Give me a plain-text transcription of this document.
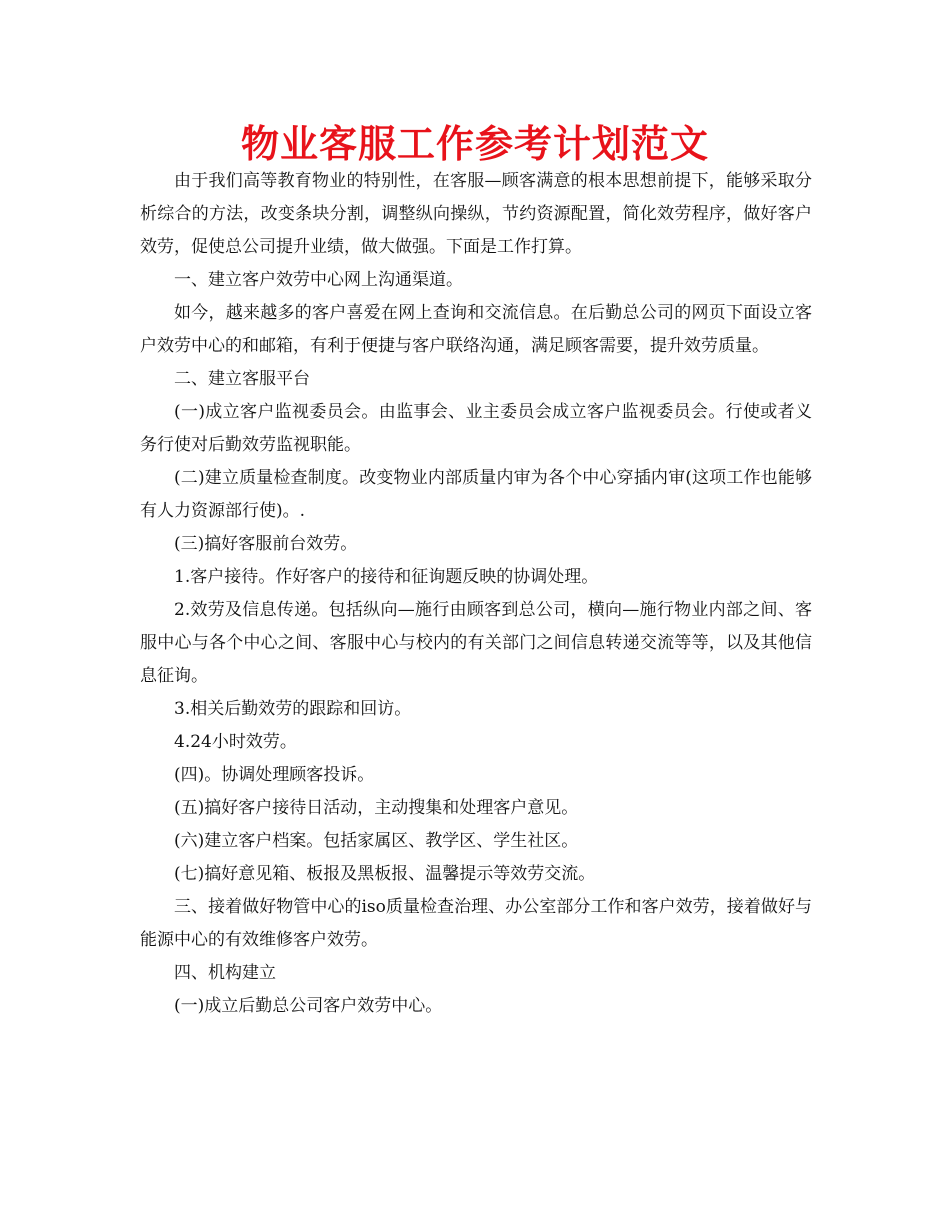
物业客服工作参考计划范文

由于我们高等教育物业的特别性，在客服—顾客满意的根本思想前提下，能够采取分析综合的方法，改变条块分割，调整纵向操纵，节约资源配置，简化效劳程序，做好客户效劳，促使总公司提升业绩，做大做强。下面是工作打算。

一、建立客户效劳中心网上沟通渠道。

如今，越来越多的客户喜爱在网上查询和交流信息。在后勤总公司的网页下面设立客户效劳中心的和邮箱，有利于便捷与客户联络沟通，满足顾客需要，提升效劳质量。

二、建立客服平台

(一)成立客户监视委员会。由监事会、业主委员会成立客户监视委员会。行使或者义务行使对后勤效劳监视职能。

(二)建立质量检查制度。改变物业内部质量内审为各个中心穿插内审(这项工作也能够有人力资源部行使)。.

(三)搞好客服前台效劳。

1.客户接待。作好客户的接待和征询题反映的协调处理。

2.效劳及信息传递。包括纵向—施行由顾客到总公司，横向—施行物业内部之间、客服中心与各个中心之间、客服中心与校内的有关部门之间信息转递交流等等，以及其他信息征询。

3.相关后勤效劳的跟踪和回访。

4.24小时效劳。

(四)。协调处理顾客投诉。

(五)搞好客户接待日活动，主动搜集和处理客户意见。

(六)建立客户档案。包括家属区、教学区、学生社区。

(七)搞好意见箱、板报及黑板报、温馨提示等效劳交流。

三、接着做好物管中心的iso质量检查治理、办公室部分工作和客户效劳，接着做好与能源中心的有效维修客户效劳。

四、机构建立

(一)成立后勤总公司客户效劳中心。
